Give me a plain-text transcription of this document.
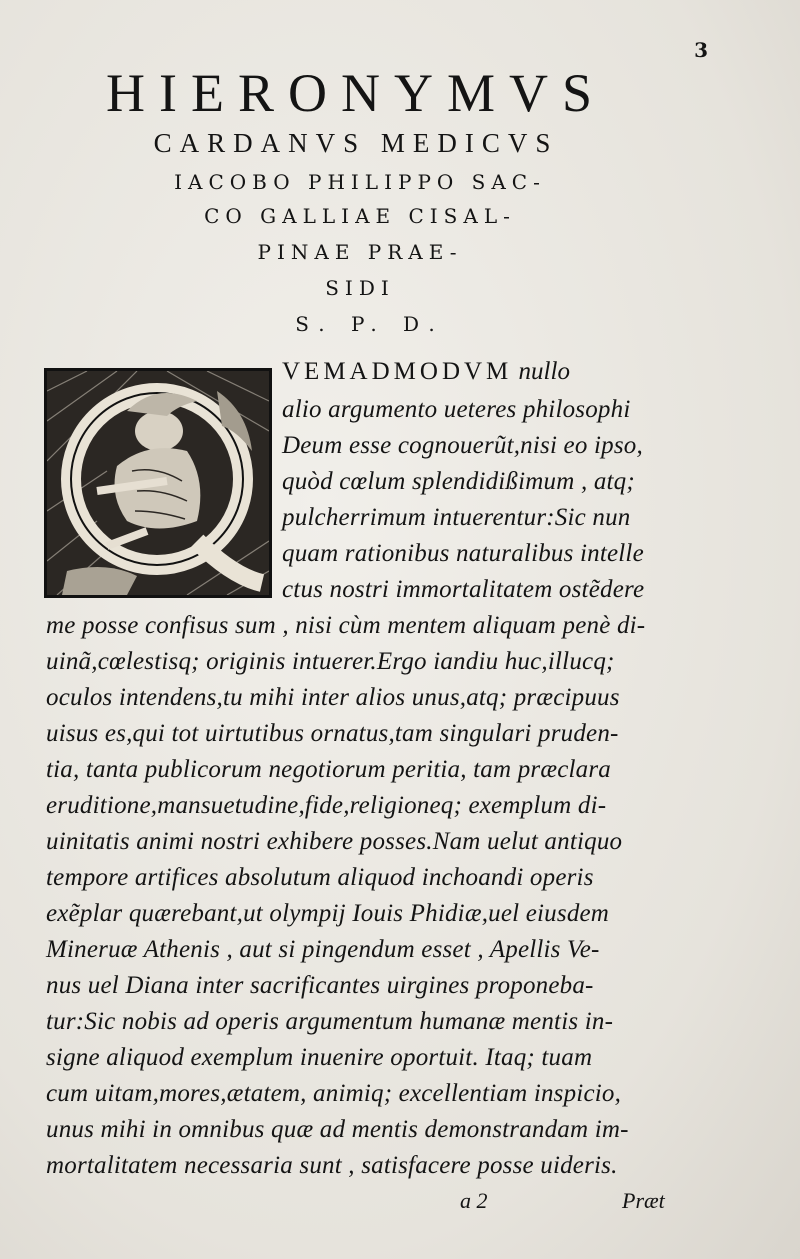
3
HIERONYMVS
CARDANVS MEDICVS
IACOBO PHILIPPO SAC-
CO GALLIAE CISAL-
PINAE PRAE-
SIDI
S. P. D.
VEMADMODVM nullo
alio argumento ueteres philosophi
Deum esse cognouerũt,nisi eo ipso,
quòd cœlum splendidißimum , atq;
pulcherrimum intuerentur:Sic nun
quam rationibus naturalibus intelle
ctus nostri immortalitatem ostẽdere
me posse confisus sum , nisi cùm mentem aliquam penè di-
uinã,cœlestisq; originis intuerer.Ergo iandiu huc,illucq;
oculos intendens,tu mihi inter alios unus,atq; præcipuus
uisus es,qui tot uirtutibus ornatus,tam singulari pruden-
tia, tanta publicorum negotiorum peritia, tam præclara
eruditione,mansuetudine,fide,religioneq; exemplum di-
uinitatis animi nostri exhibere posses.Nam uelut antiquo
tempore artifices absolutum aliquod inchoandi operis
exẽplar quærebant,ut olympij Iouis Phidiæ,uel eiusdem
Mineruæ Athenis , aut si pingendum esset , Apellis Ve-
nus uel Diana inter sacrificantes uirgines proponeba-
tur:Sic nobis ad operis argumentum humanæ mentis in-
signe aliquod exemplum inuenire oportuit. Itaq; tuam
cum uitam,mores,ætatem, animiq; excellentiam inspicio,
unus mihi in omnibus quæ ad mentis demonstrandam im-
mortalitatem necessaria sunt , satisfacere posse uideris.
a 2	Præt
